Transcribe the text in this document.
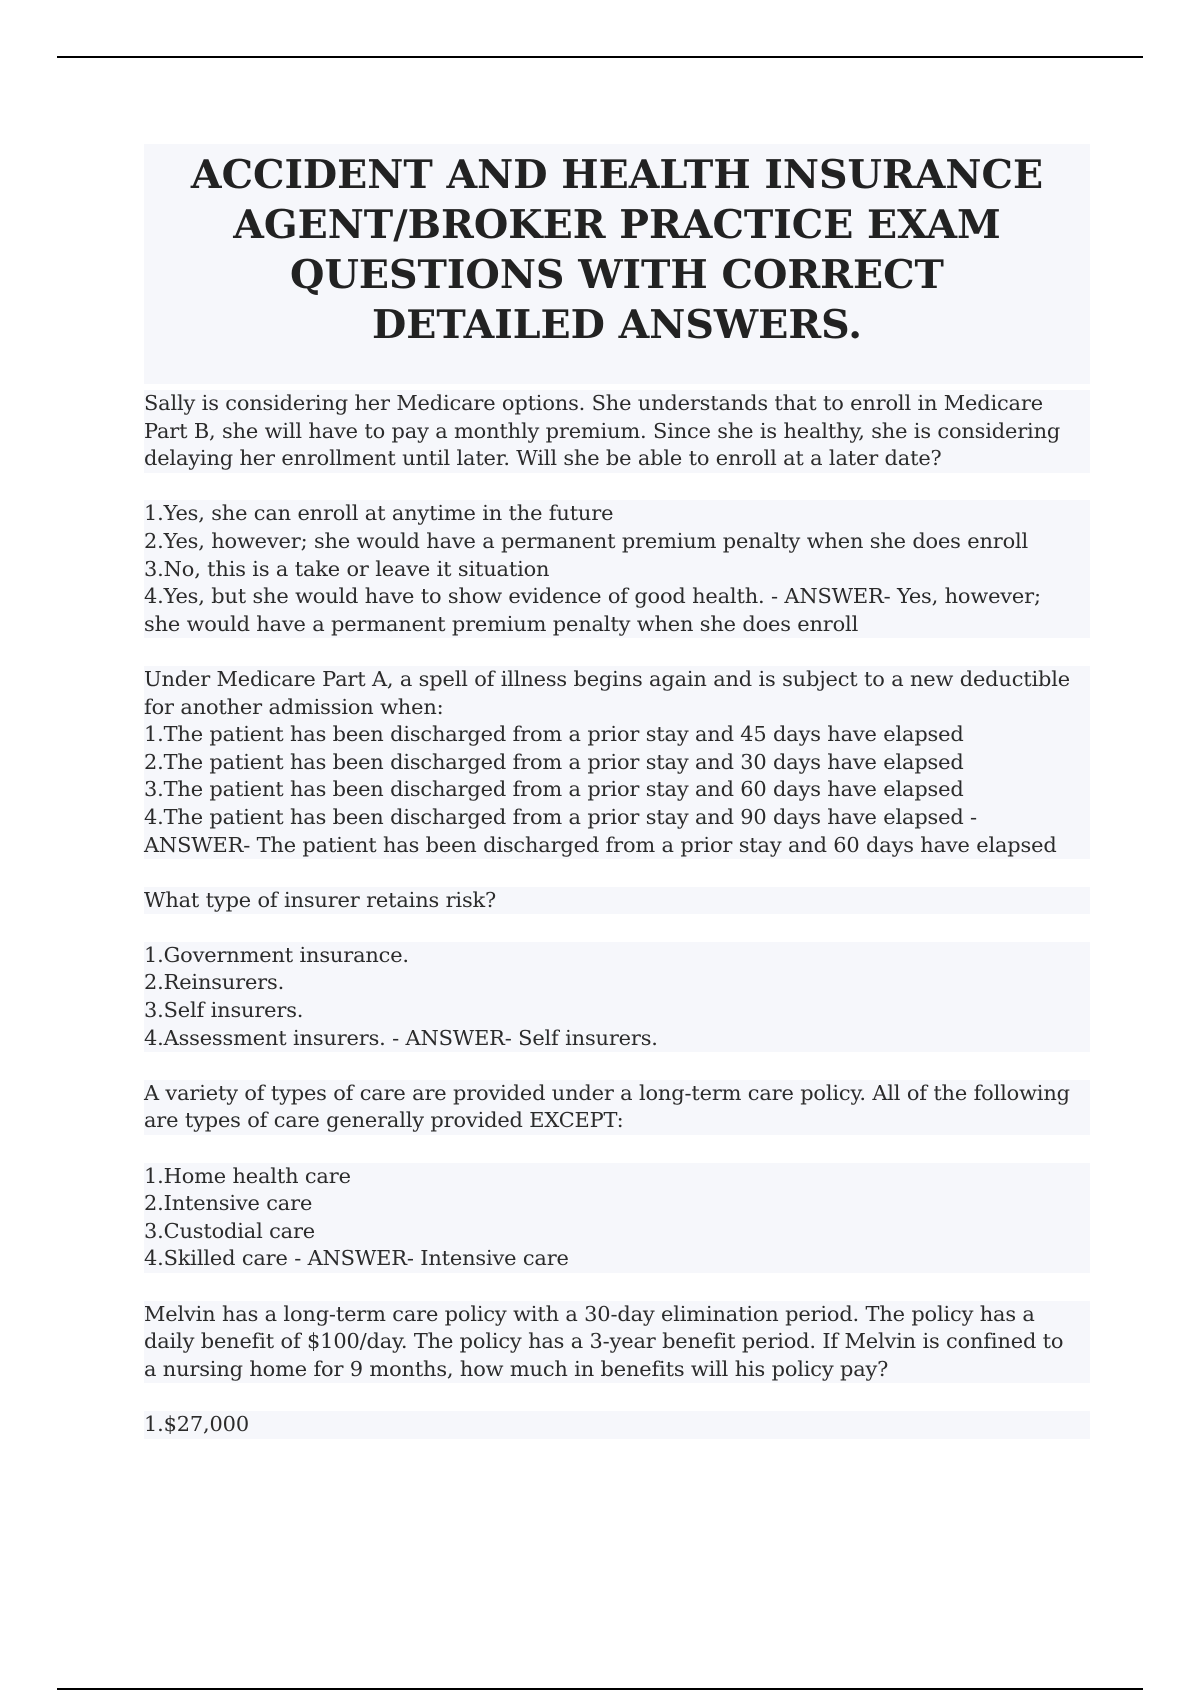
ACCIDENT AND HEALTH INSURANCE
AGENT/BROKER PRACTICE EXAM
QUESTIONS WITH CORRECT
DETAILED ANSWERS.
Sally is considering her Medicare options. She understands that to enroll in Medicare
Part B, she will have to pay a monthly premium. Since she is healthy, she is considering
delaying her enrollment until later. Will she be able to enroll at a later date?
1.Yes, she can enroll at anytime in the future
2.Yes, however; she would have a permanent premium penalty when she does enroll
3.No, this is a take or leave it situation
4.Yes, but she would have to show evidence of good health. - ANSWER- Yes, however;
she would have a permanent premium penalty when she does enroll
Under Medicare Part A, a spell of illness begins again and is subject to a new deductible
for another admission when:
1.The patient has been discharged from a prior stay and 45 days have elapsed
2.The patient has been discharged from a prior stay and 30 days have elapsed
3.The patient has been discharged from a prior stay and 60 days have elapsed
4.The patient has been discharged from a prior stay and 90 days have elapsed -
ANSWER- The patient has been discharged from a prior stay and 60 days have elapsed
What type of insurer retains risk?
1.Government insurance.
2.Reinsurers.
3.Self insurers.
4.Assessment insurers. - ANSWER- Self insurers.
A variety of types of care are provided under a long-term care policy. All of the following
are types of care generally provided EXCEPT:
1.Home health care
2.Intensive care
3.Custodial care
4.Skilled care - ANSWER- Intensive care
Melvin has a long-term care policy with a 30-day elimination period. The policy has a
daily benefit of $100/day. The policy has a 3-year benefit period. If Melvin is confined to
a nursing home for 9 months, how much in benefits will his policy pay?
1.$27,000
